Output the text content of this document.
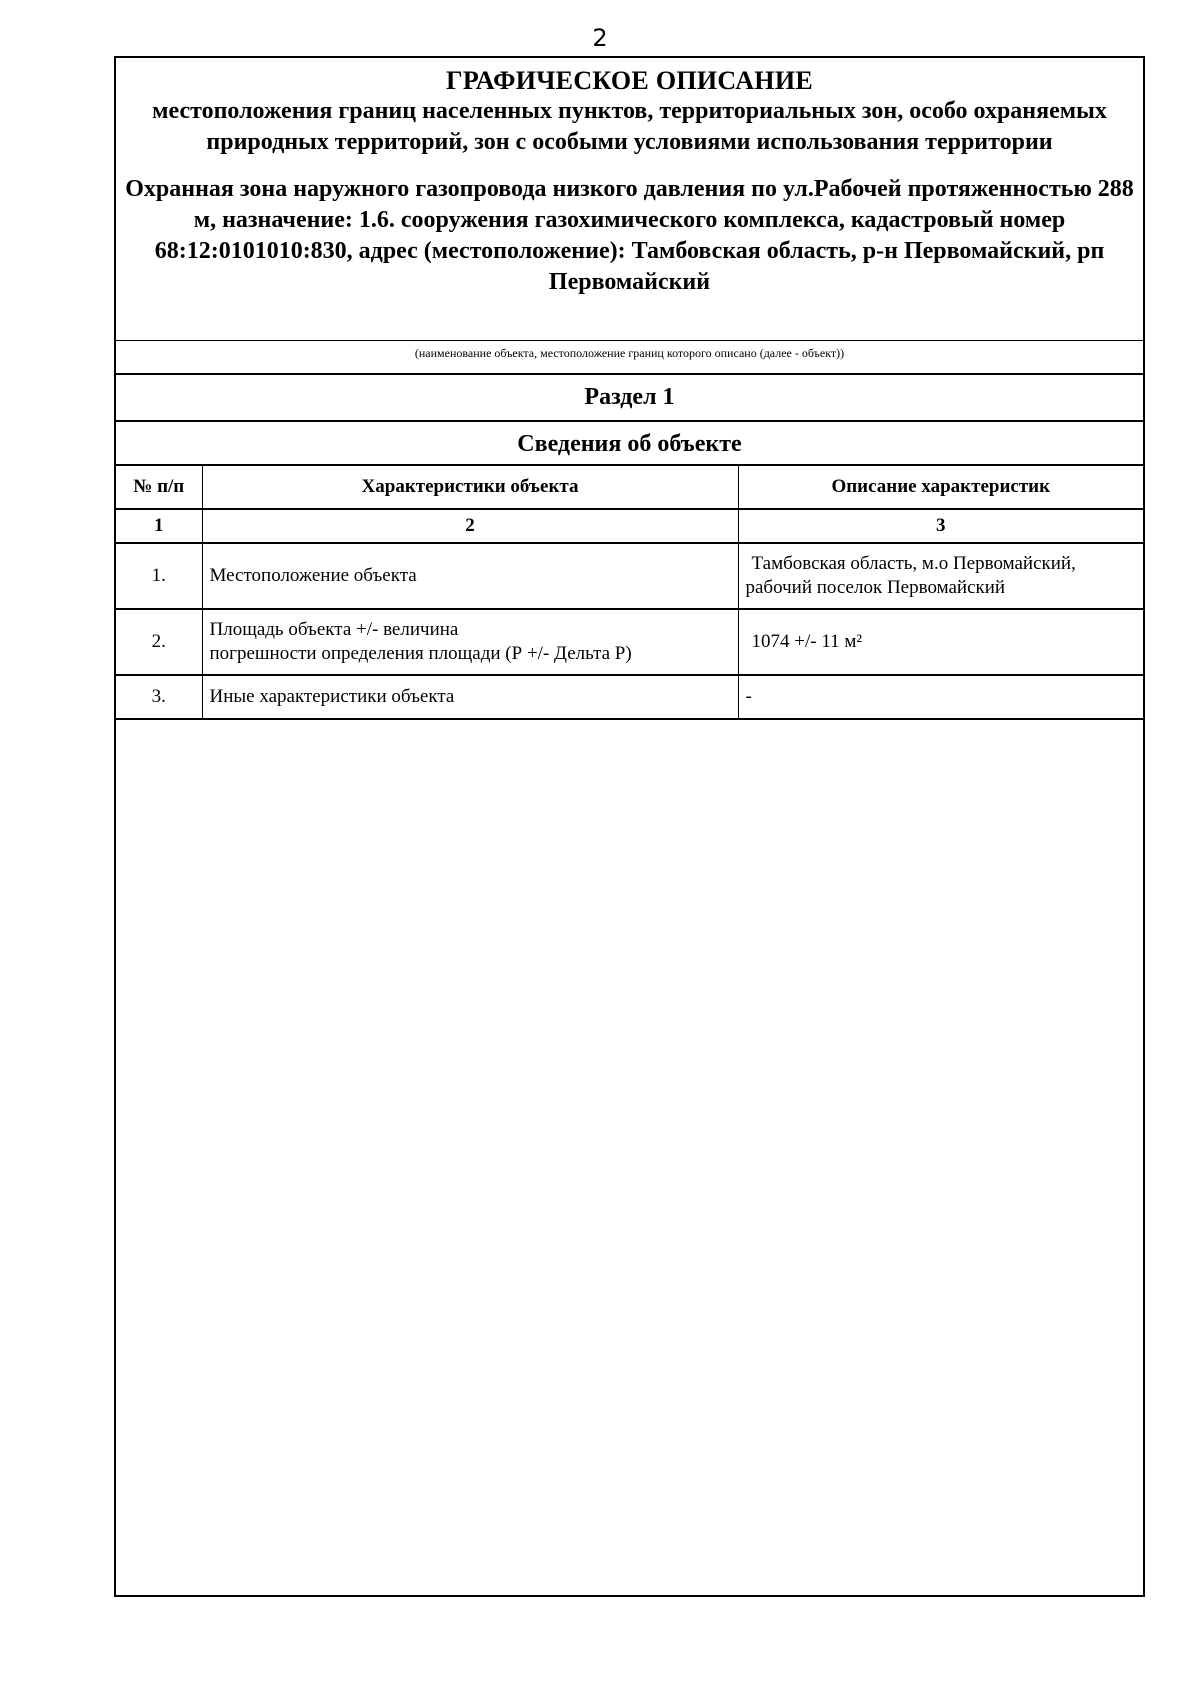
2
ГРАФИЧЕСКОЕ ОПИСАНИЕ
местоположения границ населенных пунктов, территориальных зон, особо охраняемых природных территорий, зон с особыми условиями использования территории
Охранная зона наружного газопровода низкого давления по ул.Рабочей протяженностью 288 м, назначение: 1.6. сооружения газохимического комплекса, кадастровый номер 68:12:0101010:830, адрес (местоположение): Тамбовская область, р-н Первомайский, рп Первомайский
(наименование объекта, местоположение границ которого описано (далее - объект))
Раздел 1
Сведения об объекте
№ п/п	Характеристики объекта	Описание характеристик
1	2	3
1.	Местоположение объекта	Тамбовская область, м.о Первомайский,
рабочий поселок Первомайский

2.	Площадь объекта +/- величина
погрешности определения площади (Р +/- Дельта Р)	1074 +/- 11 м²

3.	Иные характеристики объекта	-
